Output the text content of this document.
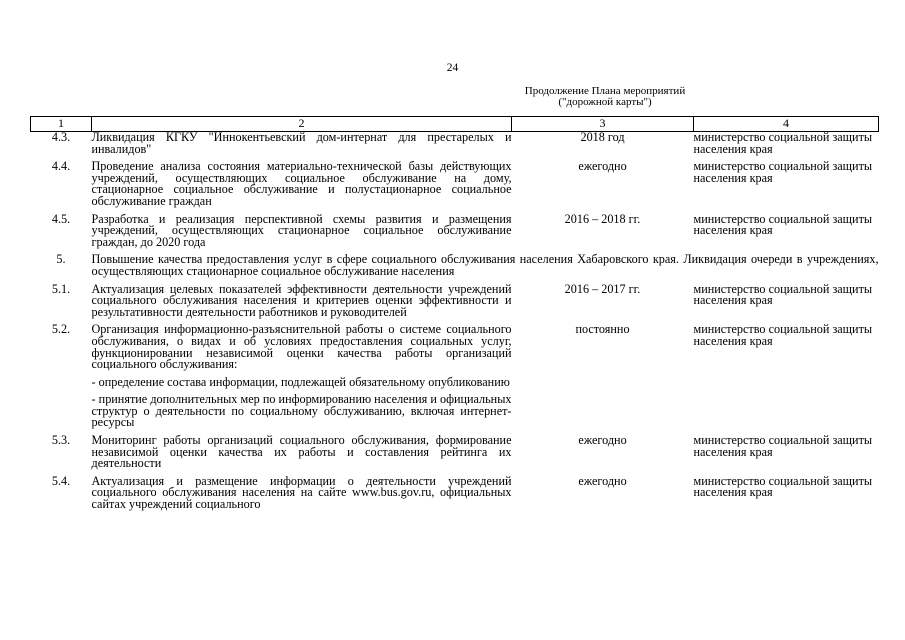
24
Продолжение Плана мероприятий
("дорожной карты")
1	2	3	4
4.3.	Ликвидация КГКУ "Иннокентьевский дом-интернат для престарелых и инвалидов"	2018 год	министерство социальной защиты населения края
4.4.	Проведение анализа состояния материально-технической базы действующих учреждений, осуществляющих социальное обслуживание на дому, стационарное социальное обслуживание и полустационарное социальное обслуживание граждан	ежегодно	министерство социальной защиты населения края
4.5.	Разработка и реализация перспективной схемы развития и размещения учреждений, осуществляющих стационарное социальное обслуживание граждан, до 2020 года	2016 – 2018 гг.	министерство социальной защиты населения края
5.	Повышение качества предоставления услуг в сфере социального обслуживания населения Хабаровского края. Ликвидация очереди в учреждениях, осуществляющих стационарное социальное обслуживание населения		
5.1.	Актуализация целевых показателей эффективности деятельности учреждений социального обслуживания населения и критериев оценки эффективности и результативности деятельности работников и руководителей	2016 – 2017 гг.	министерство социальной защиты населения края
5.2.	Организация информационно-разъяснительной работы о системе социального обслуживания, о видах и об условиях предоставления социальных услуг, функционировании независимой оценки качества работы организаций социального обслуживания:
- определение состава информации, подлежащей обязательному опубликованию
- принятие дополнительных мер по информированию населения и официальных структур о деятельности по социальному обслуживанию, включая интернет-ресурсы	постоянно	министерство социальной защиты населения края
5.3.	Мониторинг работы организаций социального обслуживания, формирование независимой оценки качества их работы и составления рейтинга их деятельности	ежегодно	министерство социальной защиты населения края
5.4.	Актуализация и размещение информации о деятельности учреждений социального обслуживания населения на сайте www.bus.gov.ru, официальных сайтах учреждений социального	ежегодно	министерство социальной защиты населения края
